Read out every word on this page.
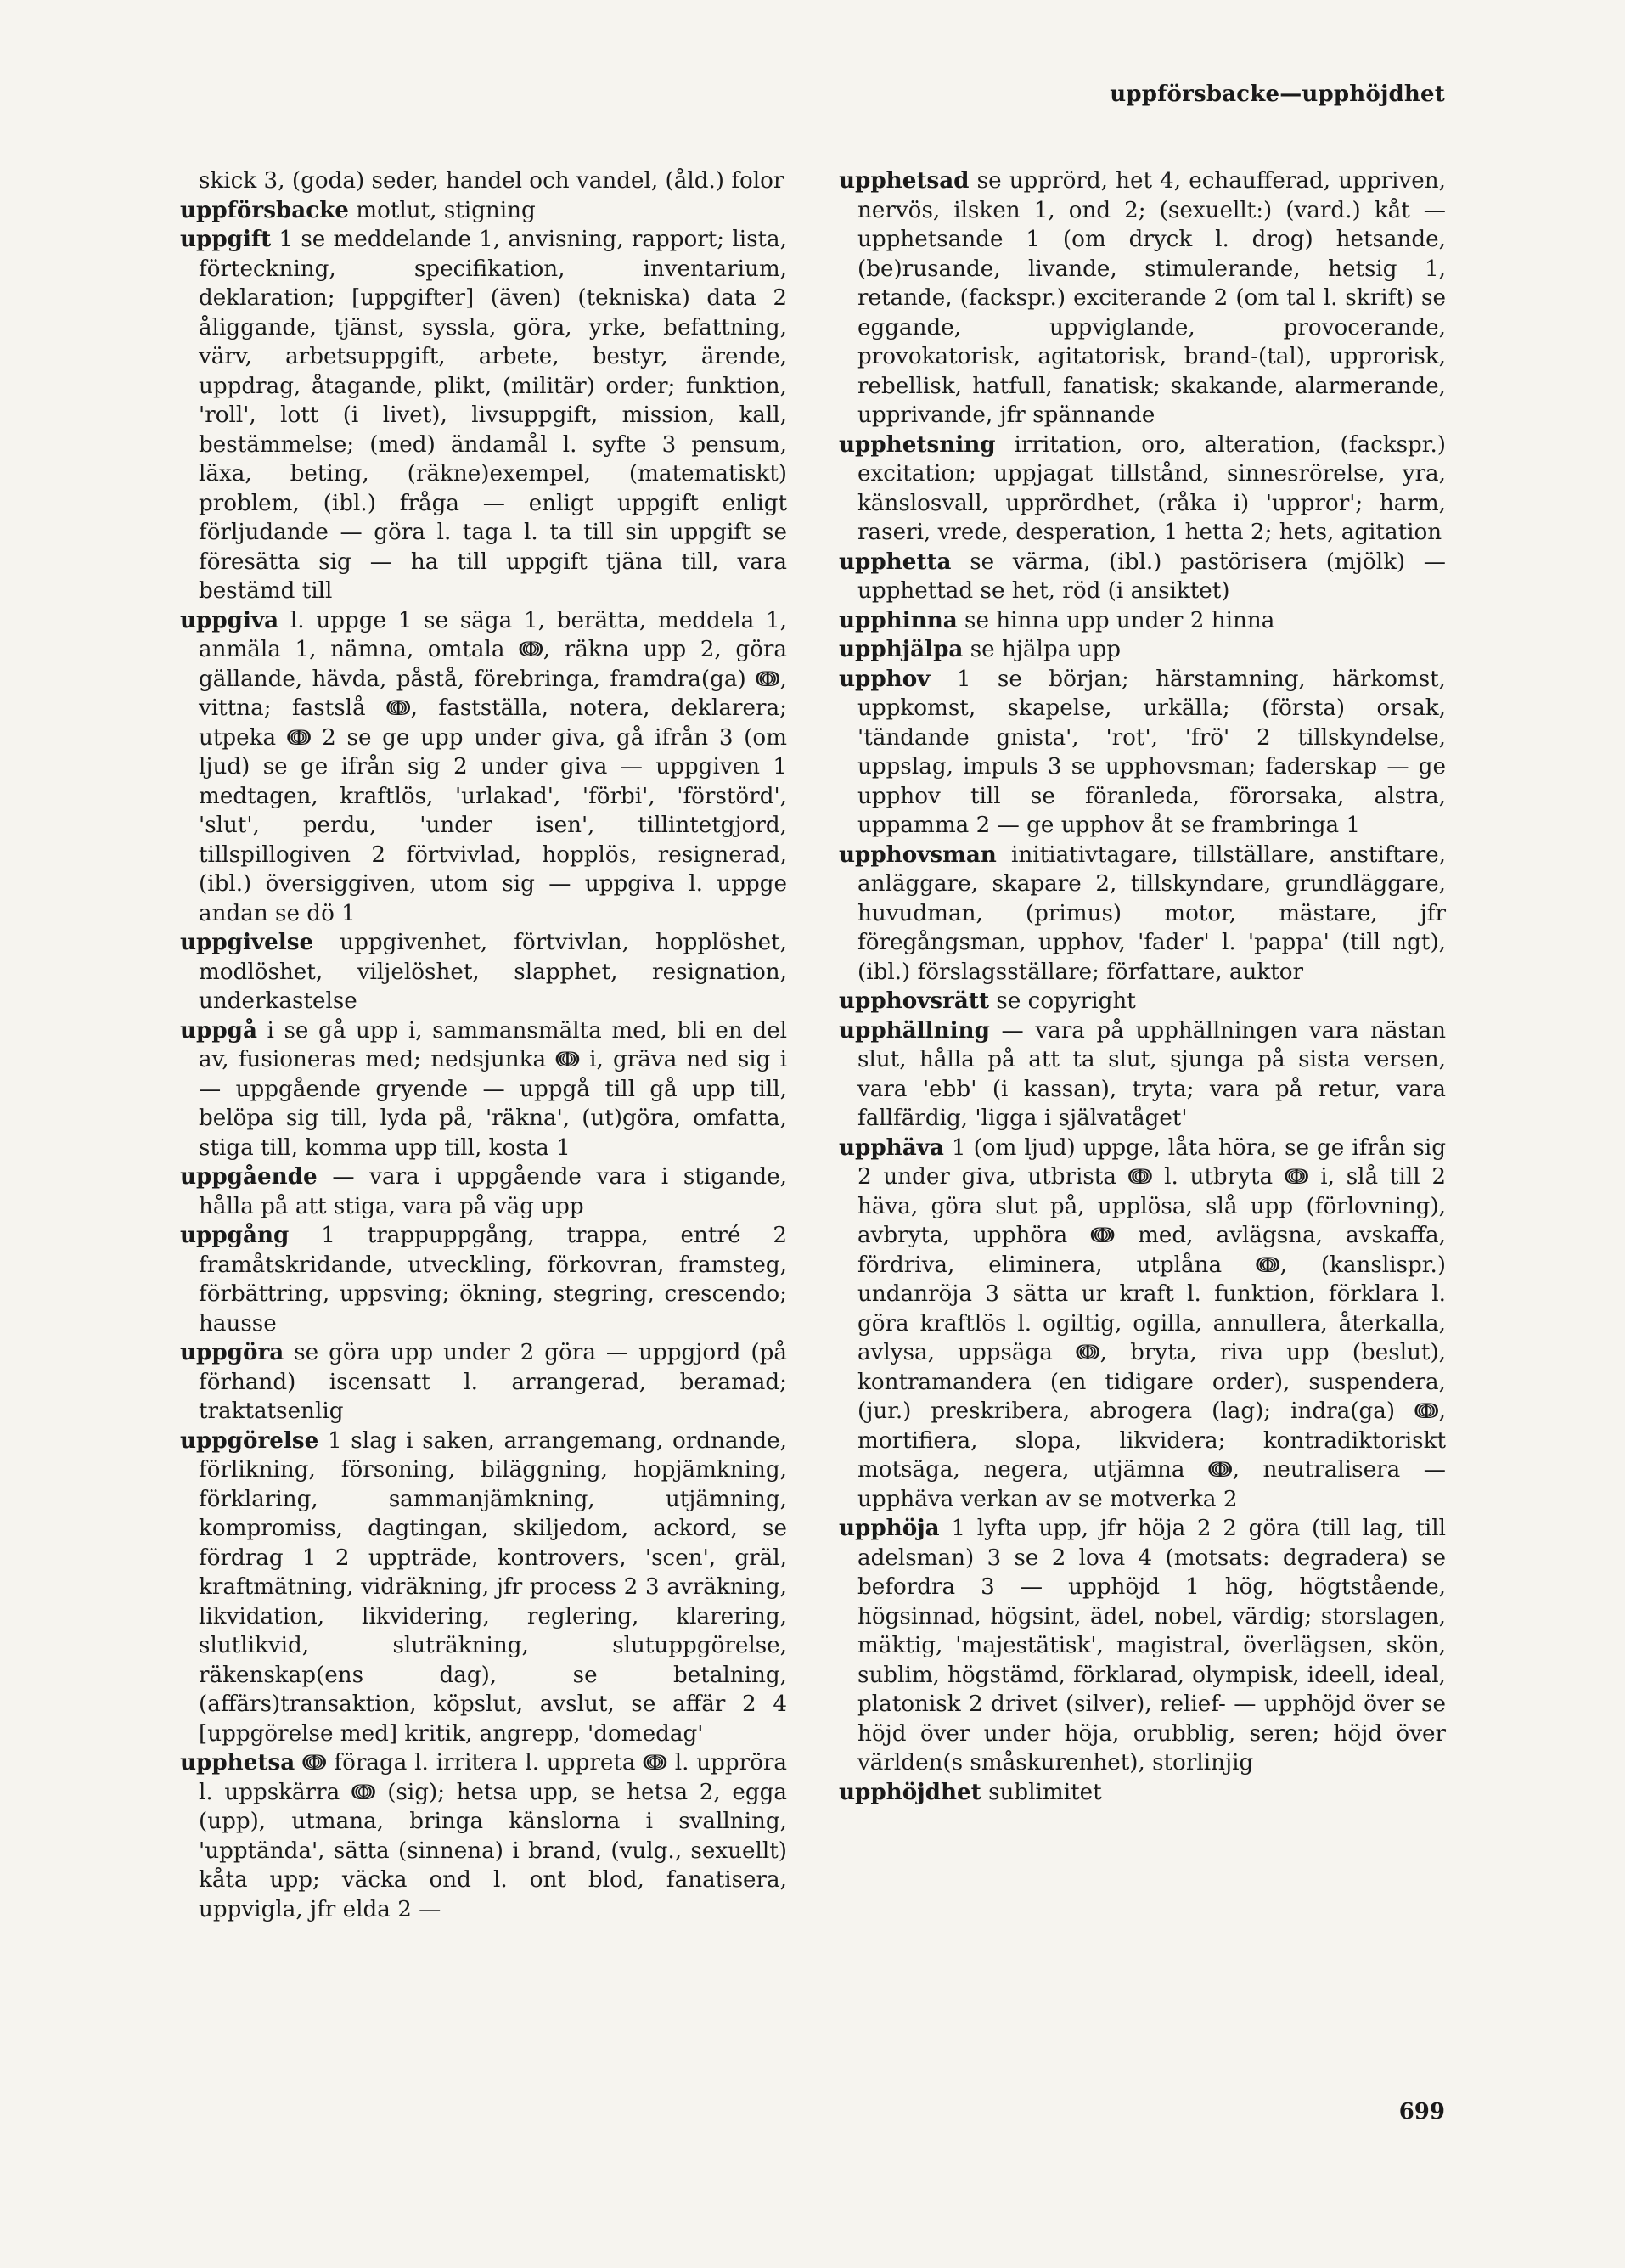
uppförsbacke—upphöjdhet

skick 3, (goda) seder, handel och vandel, (åld.) folor

uppförsbacke motlut, stigning

uppgift 1 se meddelande 1, anvisning, rapport; lista, förteckning, specifikation, inventarium, deklaration; [uppgifter] (även) (tekniska) data 2 åliggande, tjänst, syssla, göra, yrke, befattning, värv, arbetsuppgift, arbete, bestyr, ärende, uppdrag, åtagande, plikt, (militär) order; funktion, 'roll', lott (i livet), livsuppgift, mission, kall, bestämmelse; (med) ändamål l. syfte 3 pensum, läxa, beting, (räkne)exempel, (matematiskt) problem, (ibl.) fråga — enligt uppgift enligt förljudande — göra l. taga l. ta till sin uppgift se föresätta sig — ha till uppgift tjäna till, vara bestämd till

uppgiva l. uppge 1 se säga 1, berätta, meddela 1, anmäla 1, nämna, omtala ↈ, räkna upp 2, göra gällande, hävda, påstå, förebringa, framdra(ga) ↈ, vittna; fastslå ↈ, fastställa, notera, deklarera; utpeka ↈ 2 se ge upp under giva, gå ifrån 3 (om ljud) se ge ifrån sig 2 under giva — uppgiven 1 medtagen, kraftlös, 'urlakad', 'förbi', 'förstörd', 'slut', perdu, 'under isen', tillintetgjord, tillspillogiven 2 förtvivlad, hopplös, resignerad, (ibl.) översiggiven, utom sig — uppgiva l. uppge andan se dö 1

uppgivelse uppgivenhet, förtvivlan, hopplöshet, modlöshet, viljelöshet, slapphet, resignation, underkastelse

uppgå i se gå upp i, sammansmälta med, bli en del av, fusioneras med; nedsjunka ↈ i, gräva ned sig i — uppgående gryende — uppgå till gå upp till, belöpa sig till, lyda på, 'räkna', (ut)göra, omfatta, stiga till, komma upp till, kosta 1

uppgående — vara i uppgående vara i stigande, hålla på att stiga, vara på väg upp

uppgång 1 trappuppgång, trappa, entré 2 framåtskridande, utveckling, förkovran, framsteg, förbättring, uppsving; ökning, stegring, crescendo; hausse

uppgöra se göra upp under 2 göra — uppgjord (på förhand) iscensatt l. arrangerad, beramad; traktatsenlig

uppgörelse 1 slag i saken, arrangemang, ordnande, förlikning, försoning, biläggning, hopjämkning, förklaring, sammanjämkning, utjämning, kompromiss, dagtingan, skiljedom, ackord, se fördrag 1 2 uppträde, kontrovers, 'scen', gräl, kraftmätning, vidräkning, jfr process 2 3 avräkning, likvidation, likvidering, reglering, klarering, slutlikvid, sluträkning, slutuppgörelse, räkenskap(ens dag), se betalning, (affärs)transaktion, köpslut, avslut, se affär 2 4 [uppgörelse med] kritik, angrepp, 'domedag'

upphetsa ↈ föraga l. irritera l. uppreta ↈ l. uppröra l. uppskärra ↈ (sig); hetsa upp, se hetsa 2, egga (upp), utmana, bringa känslorna i svallning, 'upptända', sätta (sinnena) i brand, (vulg., sexuellt) kåta upp; väcka ond l. ont blod, fanatisera, uppvigla, jfr elda 2 —

upphetsad se upprörd, het 4, echaufferad, uppriven, nervös, ilsken 1, ond 2; (sexuellt:) (vard.) kåt — upphetsande 1 (om dryck l. drog) hetsande, (be)rusande, livande, stimulerande, hetsig 1, retande, (fackspr.) exciterande 2 (om tal l. skrift) se eggande, uppviglande, provocerande, provokatorisk, agitatorisk, brand-(tal), upprorisk, rebellisk, hatfull, fanatisk; skakande, alarmerande, upprivande, jfr spännande

upphetsning irritation, oro, alteration, (fackspr.) excitation; uppjagat tillstånd, sinnesrörelse, yra, känslosvall, upprördhet, (råka i) 'uppror'; harm, raseri, vrede, desperation, 1 hetta 2; hets, agitation

upphetta se värma, (ibl.) pastörisera (mjölk) — upphettad se het, röd (i ansiktet)

upphinna se hinna upp under 2 hinna

upphjälpa se hjälpa upp

upphov 1 se början; härstamning, härkomst, uppkomst, skapelse, urkälla; (första) orsak, 'tändande gnista', 'rot', 'frö' 2 tillskyndelse, uppslag, impuls 3 se upphovsman; faderskap — ge upphov till se föranleda, förorsaka, alstra, uppamma 2 — ge upphov åt se frambringa 1

upphovsman initiativtagare, tillställare, anstiftare, anläggare, skapare 2, tillskyndare, grundläggare, huvudman, (primus) motor, mästare, jfr föregångsman, upphov, 'fader' l. 'pappa' (till ngt), (ibl.) förslagsställare; författare, auktor

upphovsrätt se copyright

upphällning — vara på upphällningen vara nästan slut, hålla på att ta slut, sjunga på sista versen, vara 'ebb' (i kassan), tryta; vara på retur, vara fallfärdig, 'ligga i självatåget'

upphäva 1 (om ljud) uppge, låta höra, se ge ifrån sig 2 under giva, utbrista ↈ l. utbryta ↈ i, slå till 2 häva, göra slut på, upplösa, slå upp (förlovning), avbryta, upphöra ↈ med, avlägsna, avskaffa, fördriva, eliminera, utplåna ↈ, (kanslispr.) undanröja 3 sätta ur kraft l. funktion, förklara l. göra kraftlös l. ogiltig, ogilla, annullera, återkalla, avlysa, uppsäga ↈ, bryta, riva upp (beslut), kontramandera (en tidigare order), suspendera, (jur.) preskribera, abrogera (lag); indra(ga) ↈ, mortifiera, slopa, likvidera; kontradiktoriskt motsäga, negera, utjämna ↈ, neutralisera — upphäva verkan av se motverka 2

upphöja 1 lyfta upp, jfr höja 2 2 göra (till lag, till adelsman) 3 se 2 lova 4 (motsats: degradera) se befordra 3 — upphöjd 1 hög, högtstående, högsinnad, högsint, ädel, nobel, värdig; storslagen, mäktig, 'majestätisk', magistral, överlägsen, skön, sublim, högstämd, förklarad, olympisk, ideell, ideal, platonisk 2 drivet (silver), relief- — upphöjd över se höjd över under höja, orubblig, seren; höjd över världen(s småskurenhet), storlinjig

upphöjdhet sublimitet

699
